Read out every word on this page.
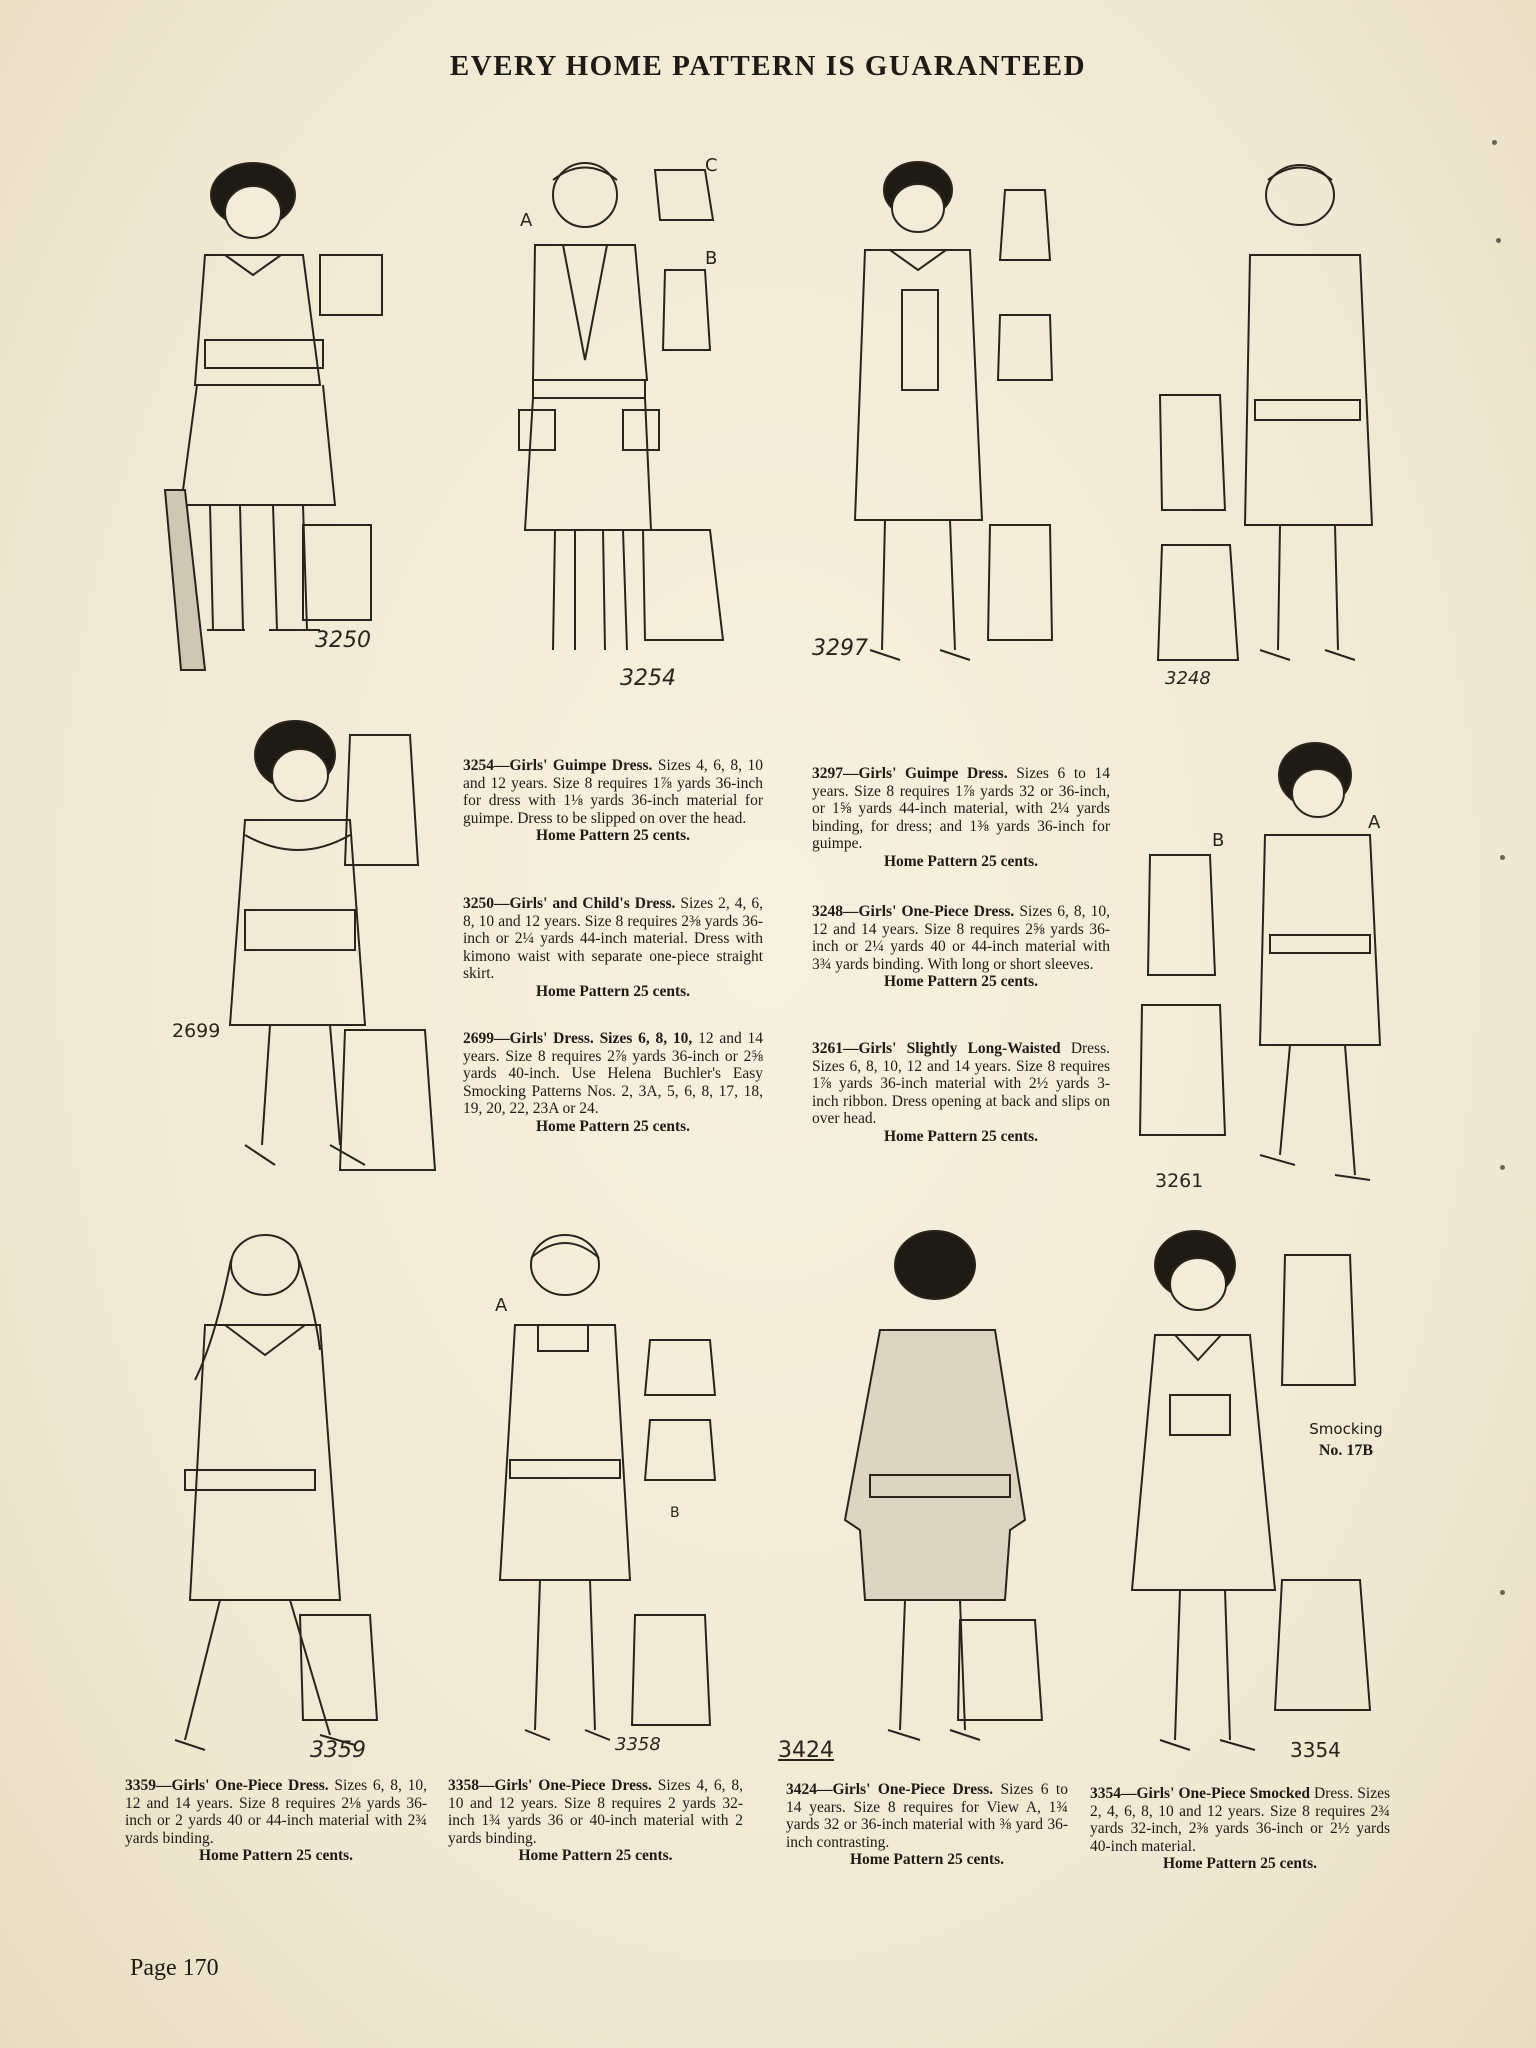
EVERY HOME PATTERN IS GUARANTEED
3250
3254
A
C
B
3297
3248
2699
3254—Girls' Guimpe Dress. Sizes 4, 6, 8, 10 and 12 years. Size 8 requires 1⅞ yards 36-inch for dress with 1⅛ yards 36-inch material for guimpe. Dress to be slipped on over the head.
Home Pattern 25 cents.
3250—Girls' and Child's Dress. Sizes 2, 4, 6, 8, 10 and 12 years. Size 8 requires 2⅜ yards 36-inch or 2¼ yards 44-inch material. Dress with kimono waist with separate one-piece straight skirt.
Home Pattern 25 cents.
2699—Girls' Dress. Sizes 6, 8, 10, 12 and 14 years. Size 8 requires 2⅞ yards 36-inch or 2⅝ yards 40-inch. Use Helena Buchler's Easy Smocking Patterns Nos. 2, 3A, 5, 6, 8, 17, 18, 19, 20, 22, 23A or 24.
Home Pattern 25 cents.
3297—Girls' Guimpe Dress. Sizes 6 to 14 years. Size 8 requires 1⅞ yards 32 or 36-inch, or 1⅝ yards 44-inch material, with 2¼ yards binding, for dress; and 1⅜ yards 36-inch for guimpe.
Home Pattern 25 cents.
3248—Girls' One-Piece Dress. Sizes 6, 8, 10, 12 and 14 years. Size 8 requires 2⅝ yards 36-inch or 2¼ yards 40 or 44-inch material with 3¾ yards binding. With long or short sleeves.
Home Pattern 25 cents.
3261—Girls' Slightly Long-Waisted Dress. Sizes 6, 8, 10, 12 and 14 years. Size 8 requires 1⅞ yards 36-inch material with 2½ yards 3-inch ribbon. Dress opening at back and slips on over head.
Home Pattern 25 cents.
3261
A
B
3359	3358
A
B
3424	3354
Smocking
No. 17B
3359—Girls' One-Piece Dress. Sizes 6, 8, 10, 12 and 14 years. Size 8 requires 2⅛ yards 36-inch or 2 yards 40 or 44-inch material with 2¾ yards binding.
Home Pattern 25 cents.
3358—Girls' One-Piece Dress. Sizes 4, 6, 8, 10 and 12 years. Size 8 requires 2 yards 32-inch 1¾ yards 36 or 40-inch material with 2 yards binding.
Home Pattern 25 cents.
3424—Girls' One-Piece Dress. Sizes 6 to 14 years. Size 8 requires for View A, 1¾ yards 32 or 36-inch material with ⅜ yard 36-inch contrasting.
Home Pattern 25 cents.
3354—Girls' One-Piece Smocked Dress. Sizes 2, 4, 6, 8, 10 and 12 years. Size 8 requires 2¾ yards 32-inch, 2⅜ yards 36-inch or 2½ yards 40-inch material.
Home Pattern 25 cents.
Page 170
